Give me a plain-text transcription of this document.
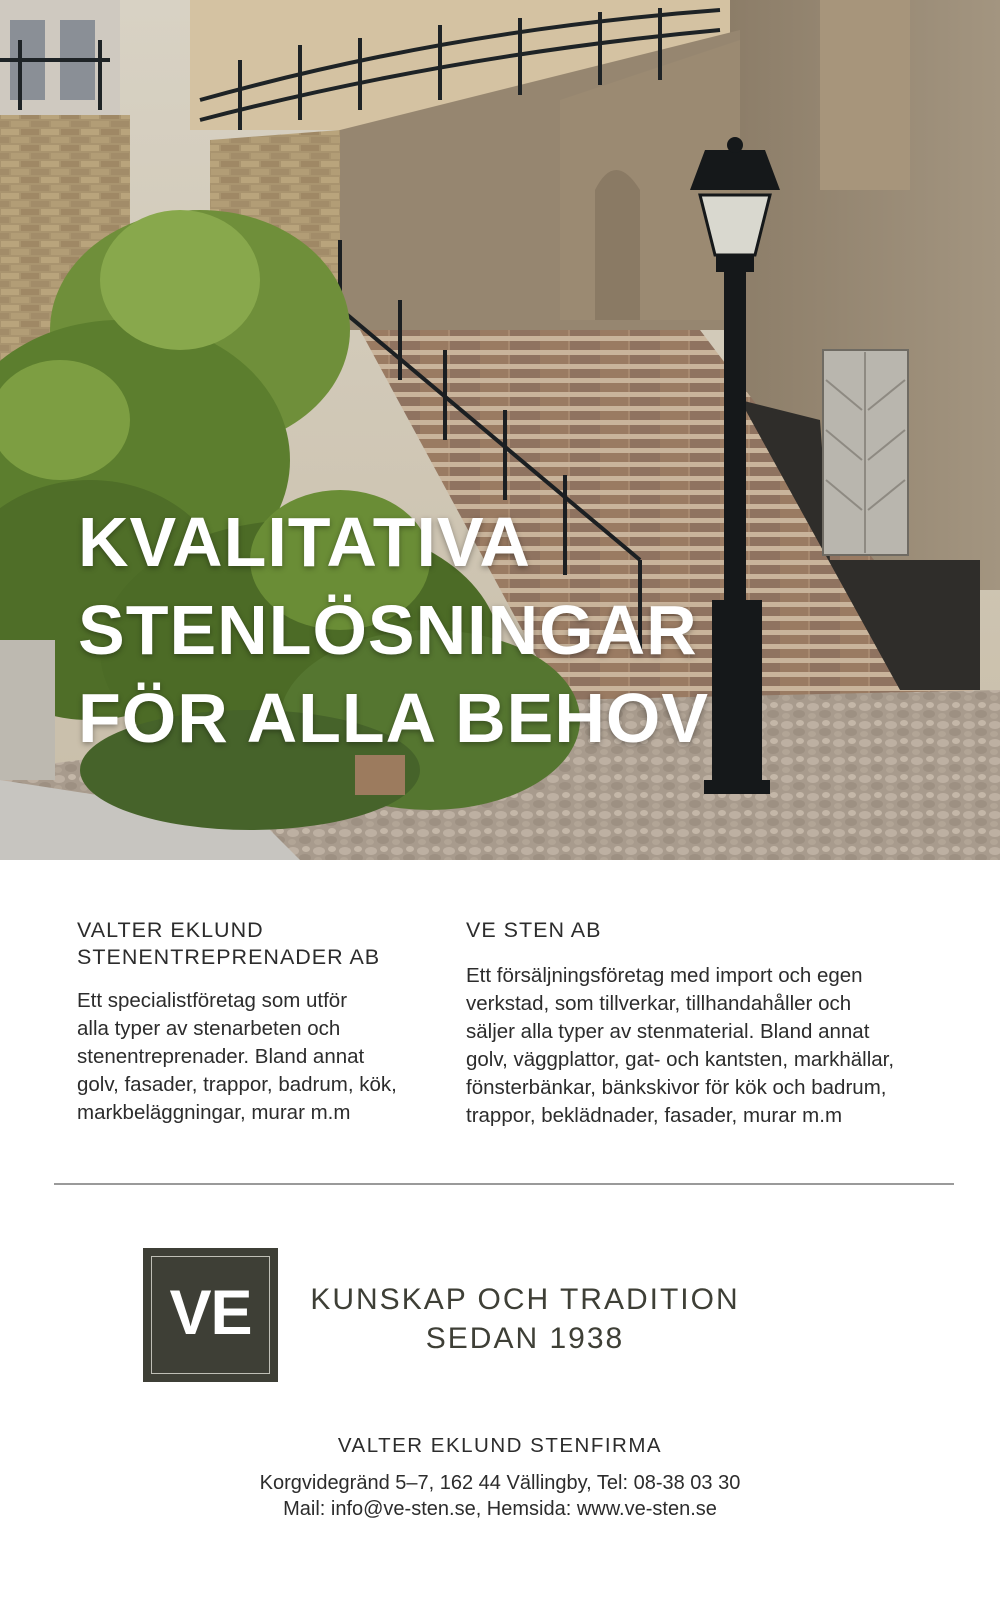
KVALITATIVA
STENLÖSNINGAR
FÖR ALLA BEHOV
VALTER EKLUND
STENENTREPRENADER AB

Ett specialistföretag som utför
alla typer av stenarbeten och
stenentreprenader. Bland annat
golv, fasader, trappor, badrum, kök,
markbeläggningar, murar m.m

VE STEN AB

Ett försäljningsföretag med import och egen
verkstad, som tillverkar, tillhandahåller och
säljer alla typer av stenmaterial. Bland annat
golv, väggplattor, gat- och kantsten, markhällar,
fönsterbänkar, bänkskivor för kök och badrum,
trappor, beklädnader, fasader, murar m.m

VE	KUNSKAP OCH TRADITION
SEDAN 1938
VALTER EKLUND STENFIRMA
Korgvidegränd 5–7, 162 44 Vällingby, Tel: 08-38 03 30
Mail: info@ve-sten.se, Hemsida: www.ve-sten.se
